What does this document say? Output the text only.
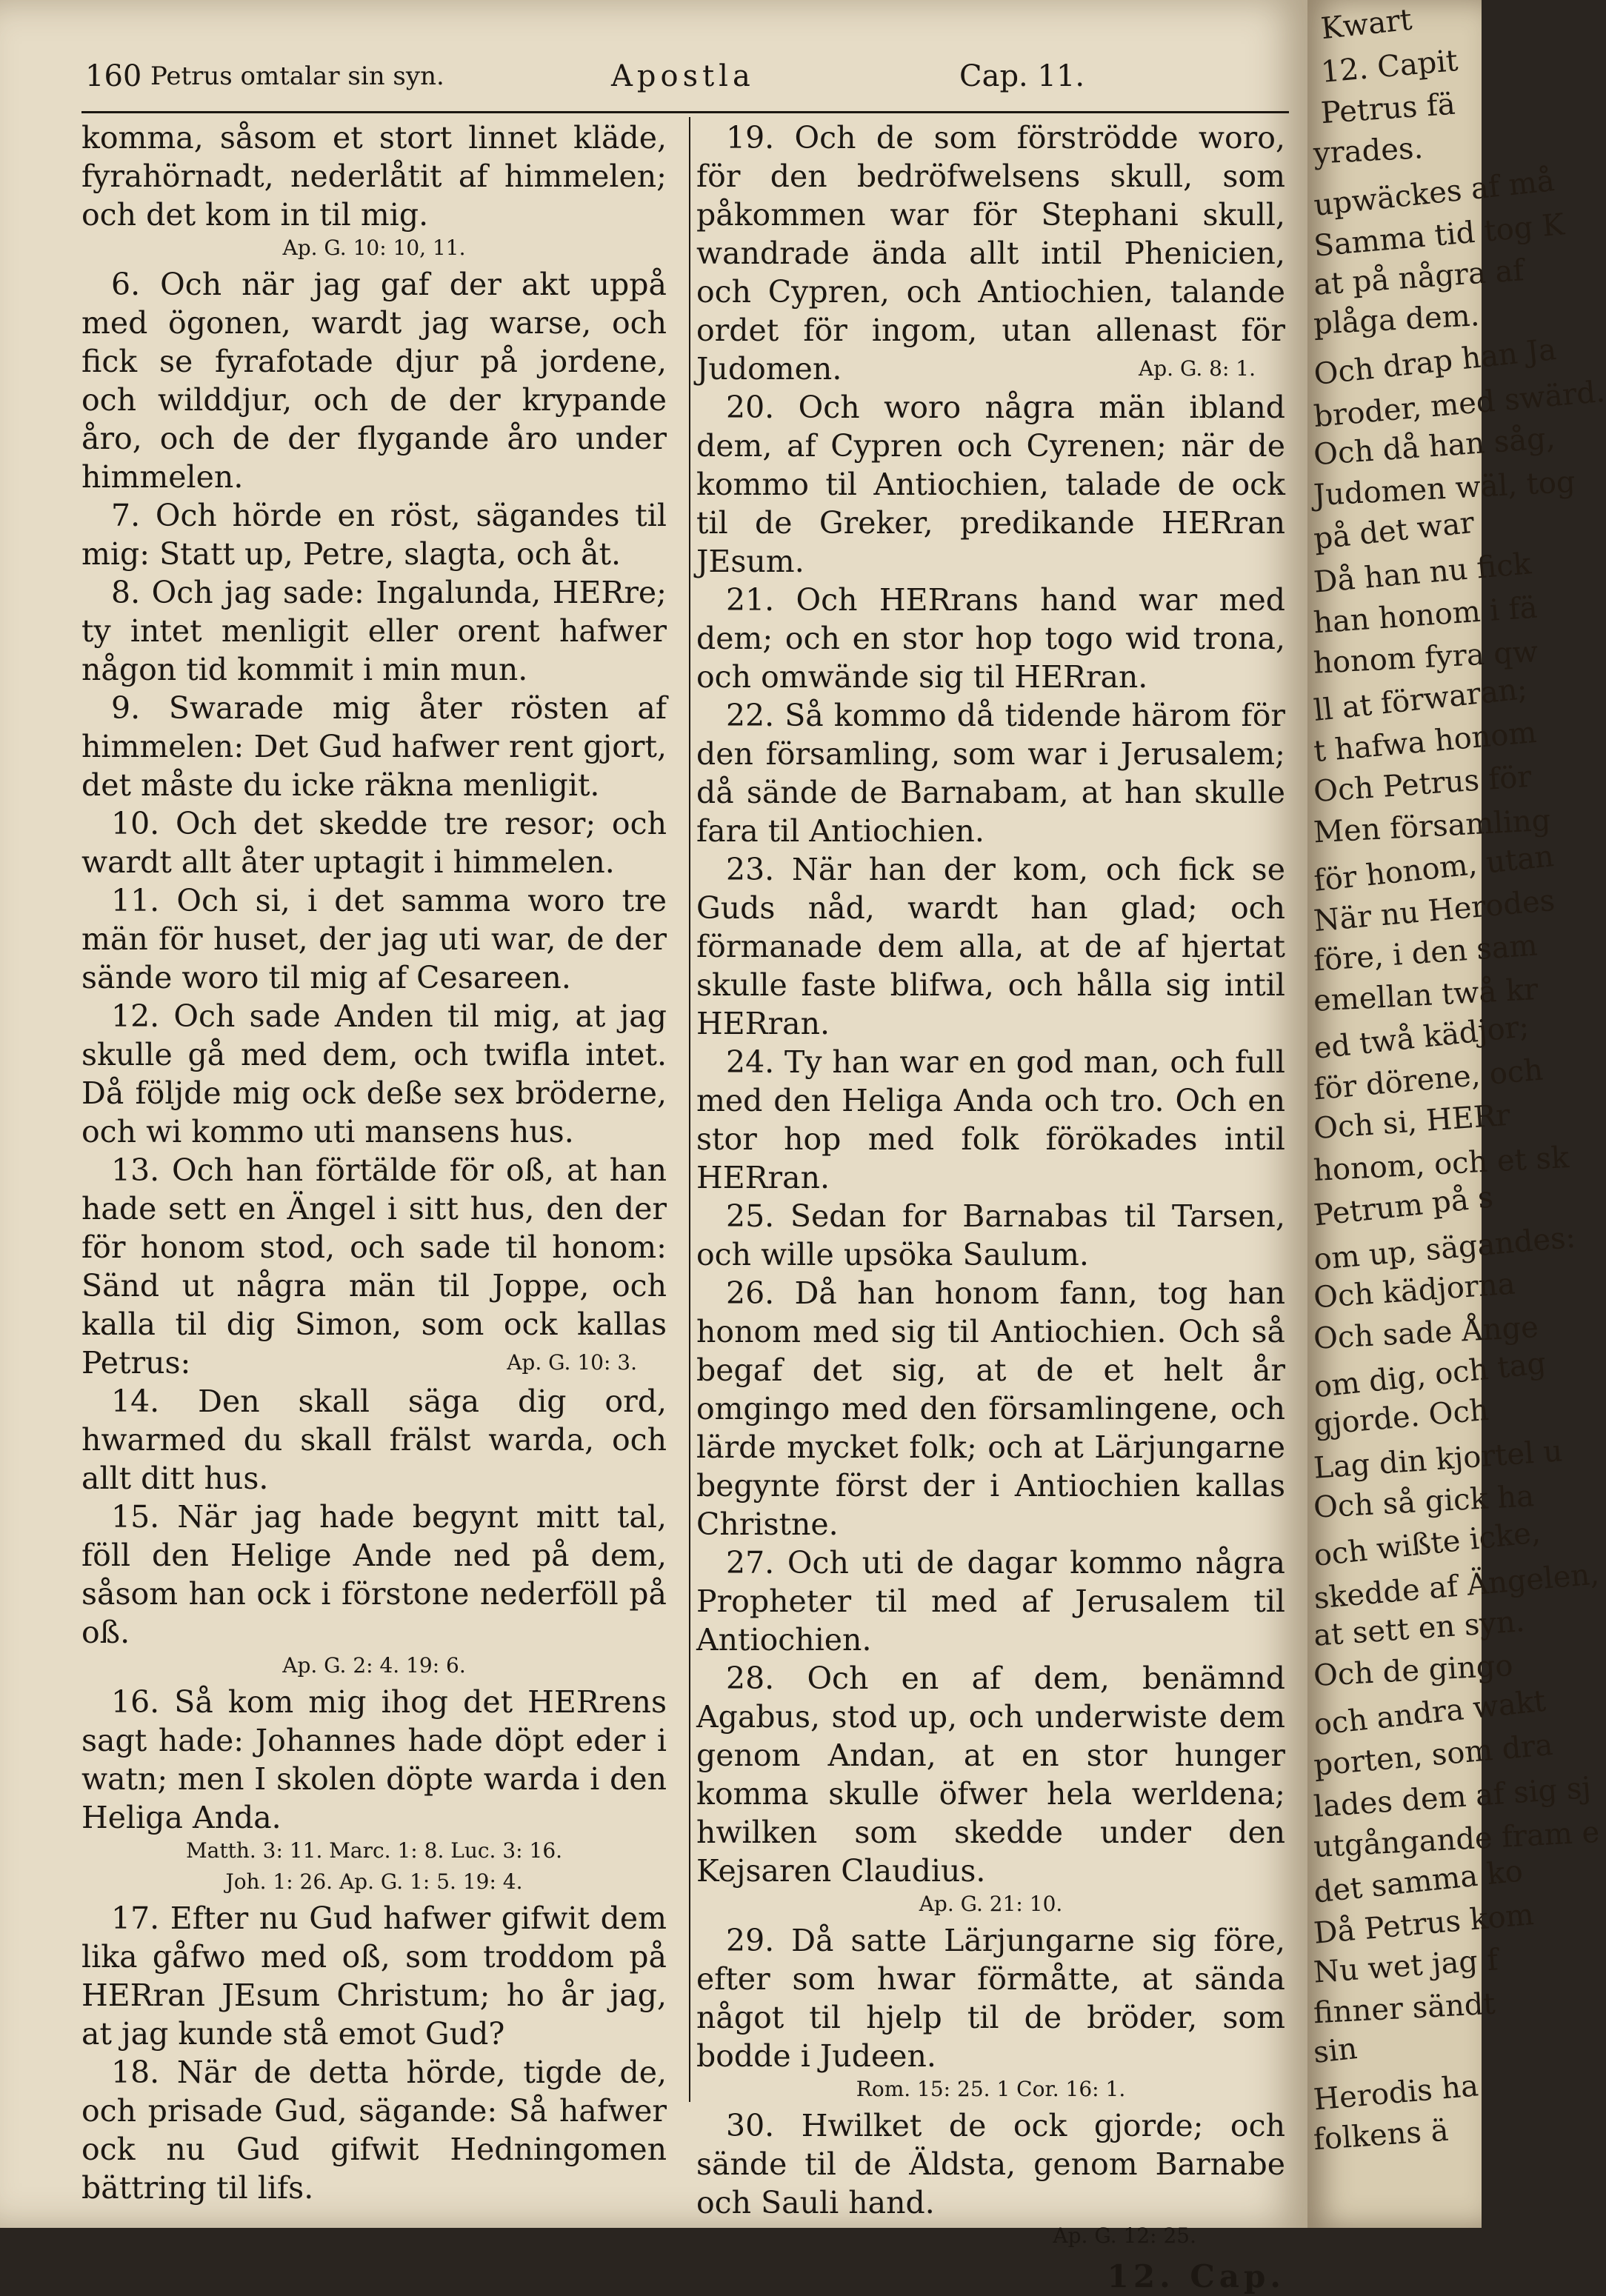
160 Petrus omtalar sin syn.	Apostla	Cap. 11.

komma, såsom et stort linnet kläde, fyrahörnadt, nederlåtit af himmelen; och det kom in til mig.

Ap. G. 10: 10, 11.

6. Och när jag gaf der akt uppå med ögonen, wardt jag warse, och fick se fyrafotade djur på jordene, och wilddjur, och de der krypande åro, och de der flygande åro under himmelen.

7. Och hörde en röst, sägandes til mig: Statt up, Petre, slagta, och åt.

8. Och jag sade: Ingalunda, HERre; ty intet menligit eller orent hafwer någon tid kommit i min mun.

9. Swarade mig åter rösten af himmelen: Det Gud hafwer rent gjort, det måste du icke räkna menligit.

10. Och det skedde tre resor; och wardt allt åter uptagit i himmelen.

11. Och si, i det samma woro tre män för huset, der jag uti war, de der sände woro til mig af Cesareen.

12. Och sade Anden til mig, at jag skulle gå med dem, och twifla intet. Då följde mig ock deße sex bröderne, och wi kommo uti mansens hus.

13. Och han förtälde för oß, at han hade sett en Ängel i sitt hus, den der för honom stod, och sade til honom: Sänd ut några män til Joppe, och kalla til dig Simon, som ock kallas Petrus:	Ap. G. 10: 3.

14. Den skall säga dig ord, hwarmed du skall frälst warda, och allt ditt hus.

15. När jag hade begynt mitt tal, föll den Helige Ande ned på dem, såsom han ock i förstone nederföll på oß.

Ap. G. 2: 4. 19: 6.

16. Så kom mig ihog det HERrens sagt hade: Johannes hade döpt eder i watn; men I skolen döpte warda i den Heliga Anda.

Matth. 3: 11. Marc. 1: 8. Luc. 3: 16.
Joh. 1: 26. Ap. G. 1: 5. 19: 4.

17. Efter nu Gud hafwer gifwit dem lika gåfwo med oß, som troddom på HERran JEsum Christum; ho år jag, at jag kunde stå emot Gud?

18. När de detta hörde, tigde de, och prisade Gud, sägande: Så hafwer ock nu Gud gifwit Hedningomen bättring til lifs.

19. Och de som förströdde woro, för den bedröfwelsens skull, som påkommen war för Stephani skull, wandrade ända allt intil Phenicien, och Cypren, och Antiochien, talande ordet för ingom, utan allenast för Judomen.	Ap. G. 8: 1.

20. Och woro några män ibland dem, af Cypren och Cyrenen; när de kommo til Antiochien, talade de ock til de Greker, predikande HERran JEsum.

21. Och HERrans hand war med dem; och en stor hop togo wid trona, och omwände sig til HERran.

22. Så kommo då tidende härom för den församling, som war i Jerusalem; då sände de Barnabam, at han skulle fara til Antiochien.

23. När han der kom, och fick se Guds nåd, wardt han glad; och förmanade dem alla, at de af hjertat skulle faste blifwa, och hålla sig intil HERran.

24. Ty han war en god man, och full med den Heliga Anda och tro. Och en stor hop med folk förökades intil HERran.

25. Sedan for Barnabas til Tarsen, och wille upsöka Saulum.

26. Då han honom fann, tog han honom med sig til Antiochien. Och så begaf det sig, at de et helt år omgingo med den församlingene, och lärde mycket folk; och at Lärjungarne begynte först der i Antiochien kallas Christne.

27. Och uti de dagar kommo några Propheter til med af Jerusalem til Antiochien.

28. Och en af dem, benämnd Agabus, stod up, och underwiste dem genom Andan, at en stor hunger komma skulle öfwer hela werldena; hwilken som skedde under den Kejsaren Claudius.

Ap. G. 21: 10.

29. Då satte Lärjungarne sig före, efter som hwar förmåtte, at sända något til hjelp til de bröder, som bodde i Judeen.

Rom. 15: 25. 1 Cor. 16: 1.

30. Hwilket de ock gjorde; och sände til de Äldsta, genom Barnabe och Sauli hand.

Ap. G. 12: 25.
12. Cap.
Kwart
12. Capit
Petrus fä
yrades.
upwäckes af må
Samma tid tog K
at på några af
plåga dem.
Och drap han Ja
broder, med swärd.
Och då han såg,
Judomen wäl, tog
på det war
Då han nu fick
han honom i fä
honom fyra qw
ll at förwaran;
t hafwa honom
Och Petrus för
Men församling
för honom, utan
När nu Herodes
före, i den sam
emellan twå kr
ed twå kädjor;
för dörene, och
Och si, HERr
honom, och et sk
Petrum på s
om up, sägandes:
Och kädjorna
Och sade Ånge
om dig, och tag
gjorde. Och
Lag din kjortel u
Och så gick ha
och wißte icke,
skedde af Ängelen,
at sett en syn.
Och de gingo
och andra wakt
porten, som dra
lades dem af sig sj
utgångande fram e
det samma ko
Då Petrus kom
Nu wet jag f
finner sändt
sin
Herodis ha
folkens ä
